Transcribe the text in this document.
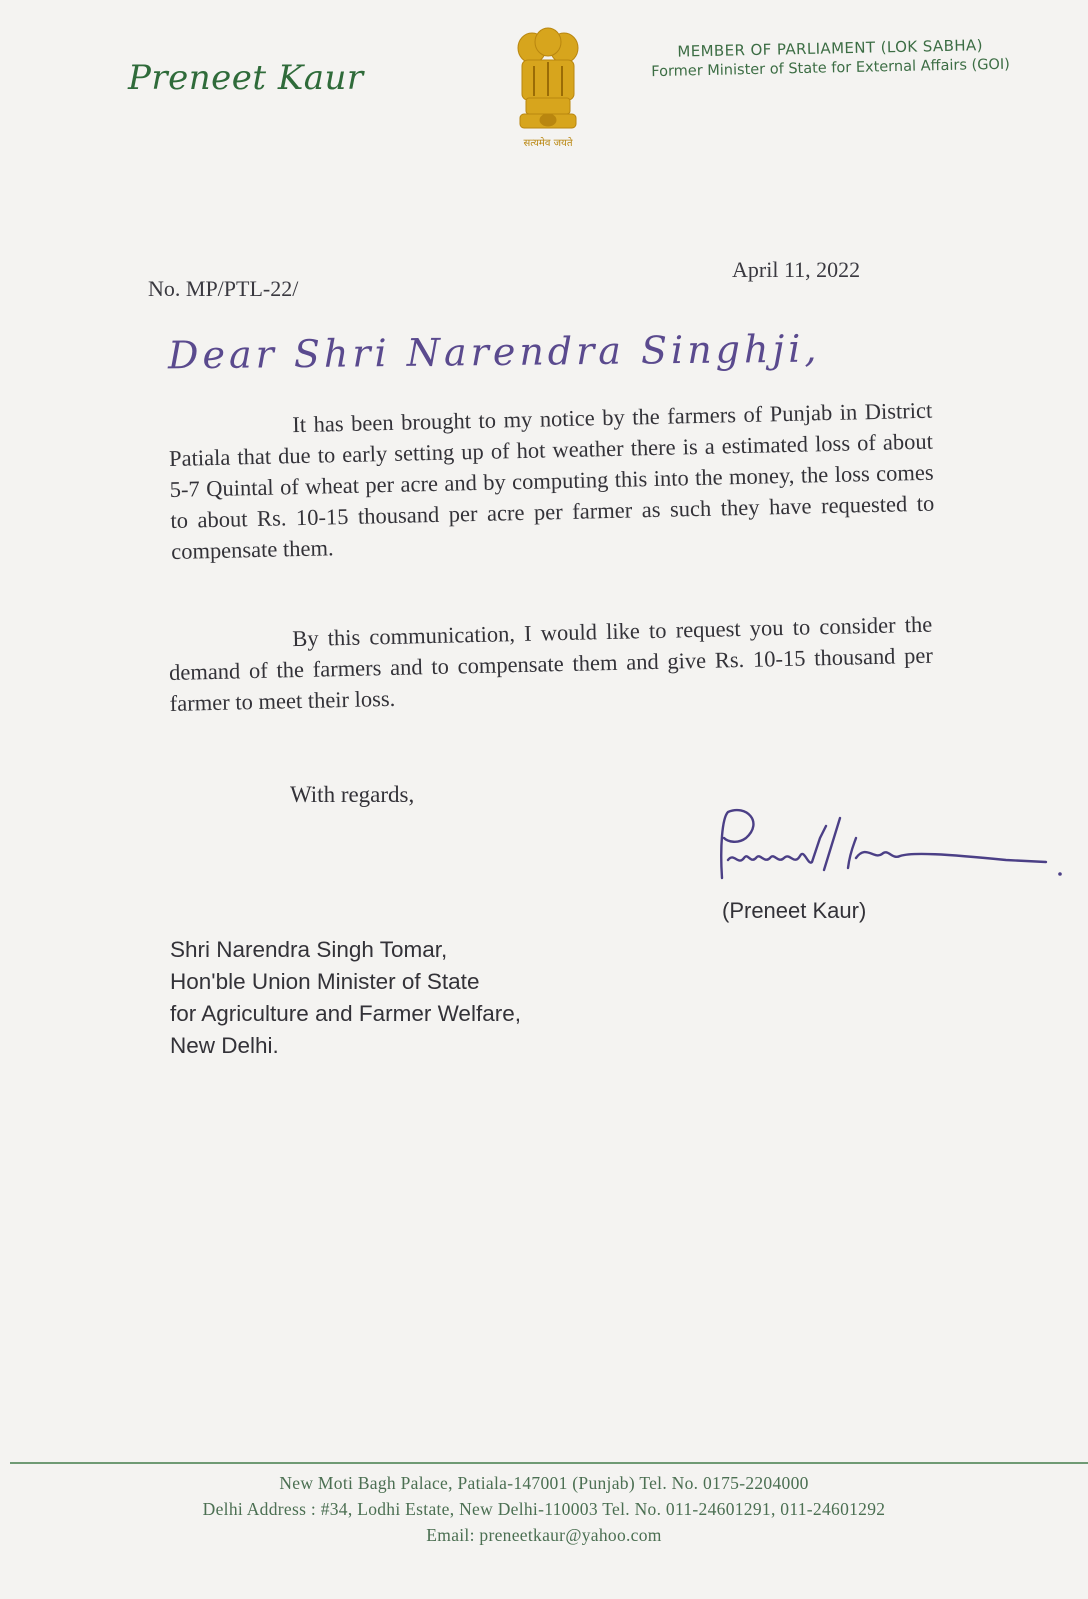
Preneet Kaur
सत्यमेव जयते
MEMBER OF PARLIAMENT (LOK SABHA)
Former Minister of State for External Affairs (GOI)
No. MP/PTL-22/
April 11, 2022
Dear Shri Narendra Singhji,
It has been brought to my notice by the farmers of Punjab in District Patiala that due to early setting up of hot weather there is a estimated loss of about 5-7 Quintal of wheat per acre and by computing this into the money, the loss comes to about Rs. 10-15 thousand per acre per farmer as such they have requested to compensate them.
By this communication, I would like to request you to consider the demand of the farmers and to compensate them and give Rs. 10-15 thousand per farmer to meet their loss.
With regards,
(Preneet Kaur)
Shri Narendra Singh Tomar,
Hon'ble Union Minister of State
for Agriculture and Farmer Welfare,
New Delhi.
New Moti Bagh Palace, Patiala-147001 (Punjab) Tel. No. 0175-2204000
Delhi Address : #34, Lodhi Estate, New Delhi-110003 Tel. No. 011-24601291, 011-24601292
Email: preneetkaur@yahoo.com
